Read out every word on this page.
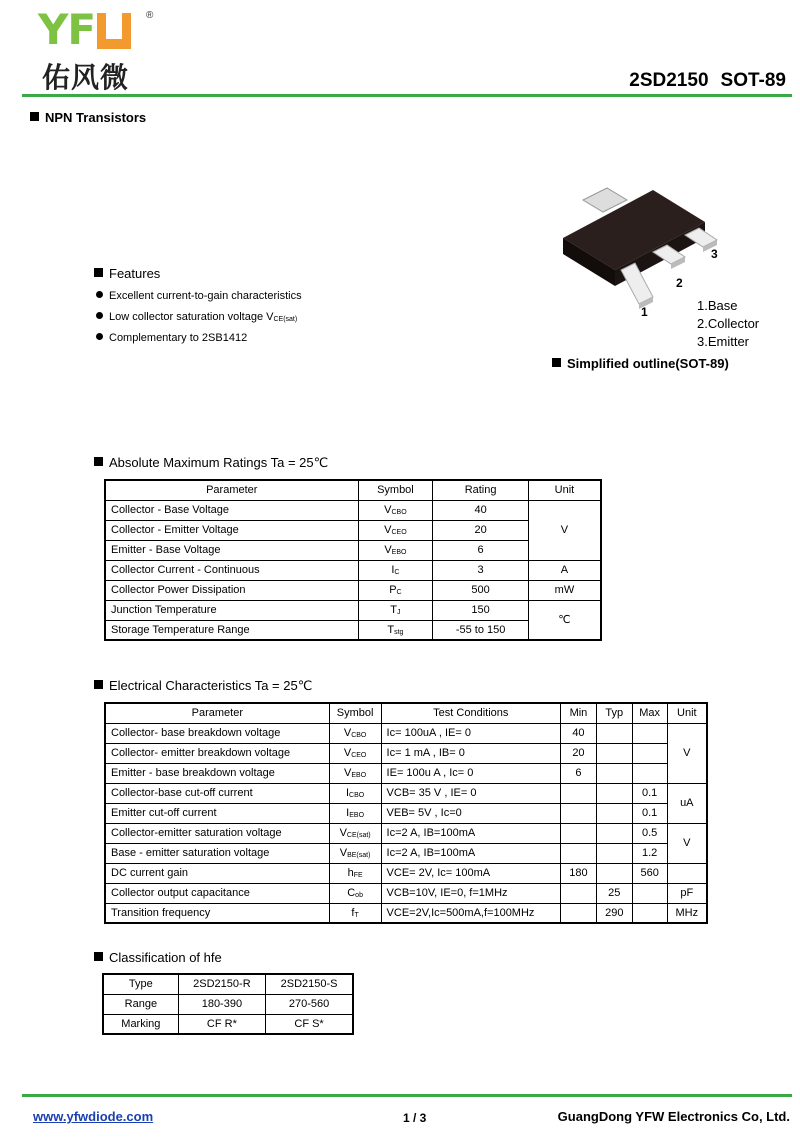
YF	®
佑风微	2SD2150 SOT-89
NPN Transistors
Features
Excellent current-to-gain characteristics
Low collector saturation voltage VCE(sat)
Complementary to 2SB1412
3
2
1	1.Base
2.Collector
3.Emitter
Simplified outline(SOT-89)
Absolute Maximum Ratings Ta = 25℃
Parameter	Symbol	Rating	Unit
Collector - Base Voltage	VCBO	40	V
Collector - Emitter Voltage	VCEO	20	
Emitter - Base Voltage	VEBO	6	
Collector Current - Continuous	IC	3	A
Collector Power Dissipation	PC	500	mW
Junction Temperature	TJ	150	℃
Storage Temperature Range	Tstg	-55 to 150	
Electrical Characteristics Ta = 25℃
Parameter	Symbol	Test Conditions	Min	Typ	Max	Unit
Collector- base breakdown voltage	VCBO	Ic= 100uA , IE= 0	40			V
Collector- emitter breakdown voltage	VCEO	Ic= 1 mA , IB= 0	20			
Emitter - base breakdown voltage	VEBO	IE= 100u A , Ic= 0	6			
Collector-base cut-off current	ICBO	VCB= 35 V , IE= 0			0.1	uA
Emitter cut-off current	IEBO	VEB= 5V , Ic=0			0.1	
Collector-emitter saturation voltage	VCE(sat)	Ic=2 A, IB=100mA			0.5	V
Base - emitter saturation voltage	VBE(sat)	Ic=2 A, IB=100mA			1.2	
DC current gain	hFE	VCE= 2V, Ic= 100mA	180		560	
Collector output capacitance	Cob	VCB=10V, IE=0, f=1MHz		25		pF
Transition frequency	fT	VCE=2V,Ic=500mA,f=100MHz		290		MHz
Classification of hfe
Type	2SD2150-R	2SD2150-S
Range	180-390	270-560
Marking	CF R*	CF S*
www.yfwdiode.com	1 / 3	GuangDong YFW Electronics Co, Ltd.
